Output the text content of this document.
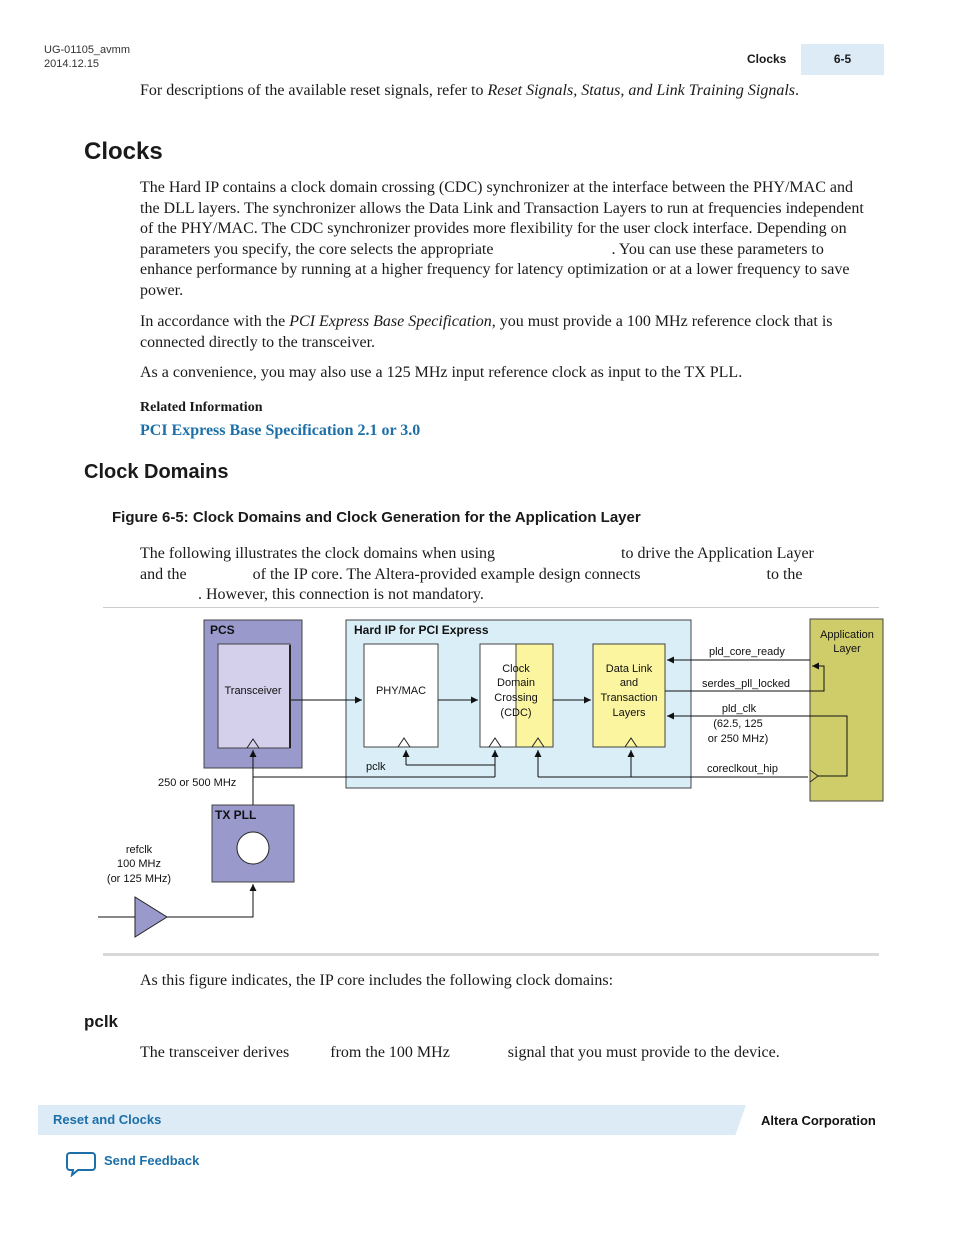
UG-01105_avmm
2014.12.15	Clocks	6-5
For descriptions of the available reset signals, refer to Reset Signals, Status, and Link Training Signals.
Clocks
The Hard IP contains a clock domain crossing (CDC) synchronizer at the interface between the PHY/MAC and the DLL layers. The synchronizer allows the Data Link and Transaction Layers to run at frequencies independent of the PHY/MAC. The CDC synchronizer provides more flexibility for the user clock interface. Depending on parameters you specify, the core selects the appropriate	. You can use these parameters to enhance performance by running at a higher frequency for latency optimization or at a lower frequency to save power.
In accordance with the PCI Express Base Specification, you must provide a 100 MHz reference clock that is connected directly to the transceiver.
As a convenience, you may also use a 125 MHz input reference clock as input to the TX PLL.
Related Information
PCI Express Base Specification 2.1 or 3.0
Clock Domains
Figure 6-5: Clock Domains and Clock Generation for the Application Layer
The following illustrates the clock domains when using	to drive the Application Layer
and the	of the IP core. The Altera-provided example design connects	to the
. However, this connection is not mandatory.
PCS
Transceiver
Hard IP for PCI Express
PHY/MAC
Clock
Domain
Crossing
(CDC)
Data Link
and
Transaction
Layers
Application
Layer
TX PLL
250 or 500 MHz
pclk	coreclkout_hip
pld_core_ready
serdes_pll_locked
pld_clk
(62.5, 125
or 250 MHz)
refclk
100 MHz
(or 125 MHz)
As this figure indicates, the IP core includes the following clock domains:
pclk
The transceiver derives	from the 100 MHz	signal that you must provide to the device.
Reset and Clocks	Altera Corporation
Send Feedback
